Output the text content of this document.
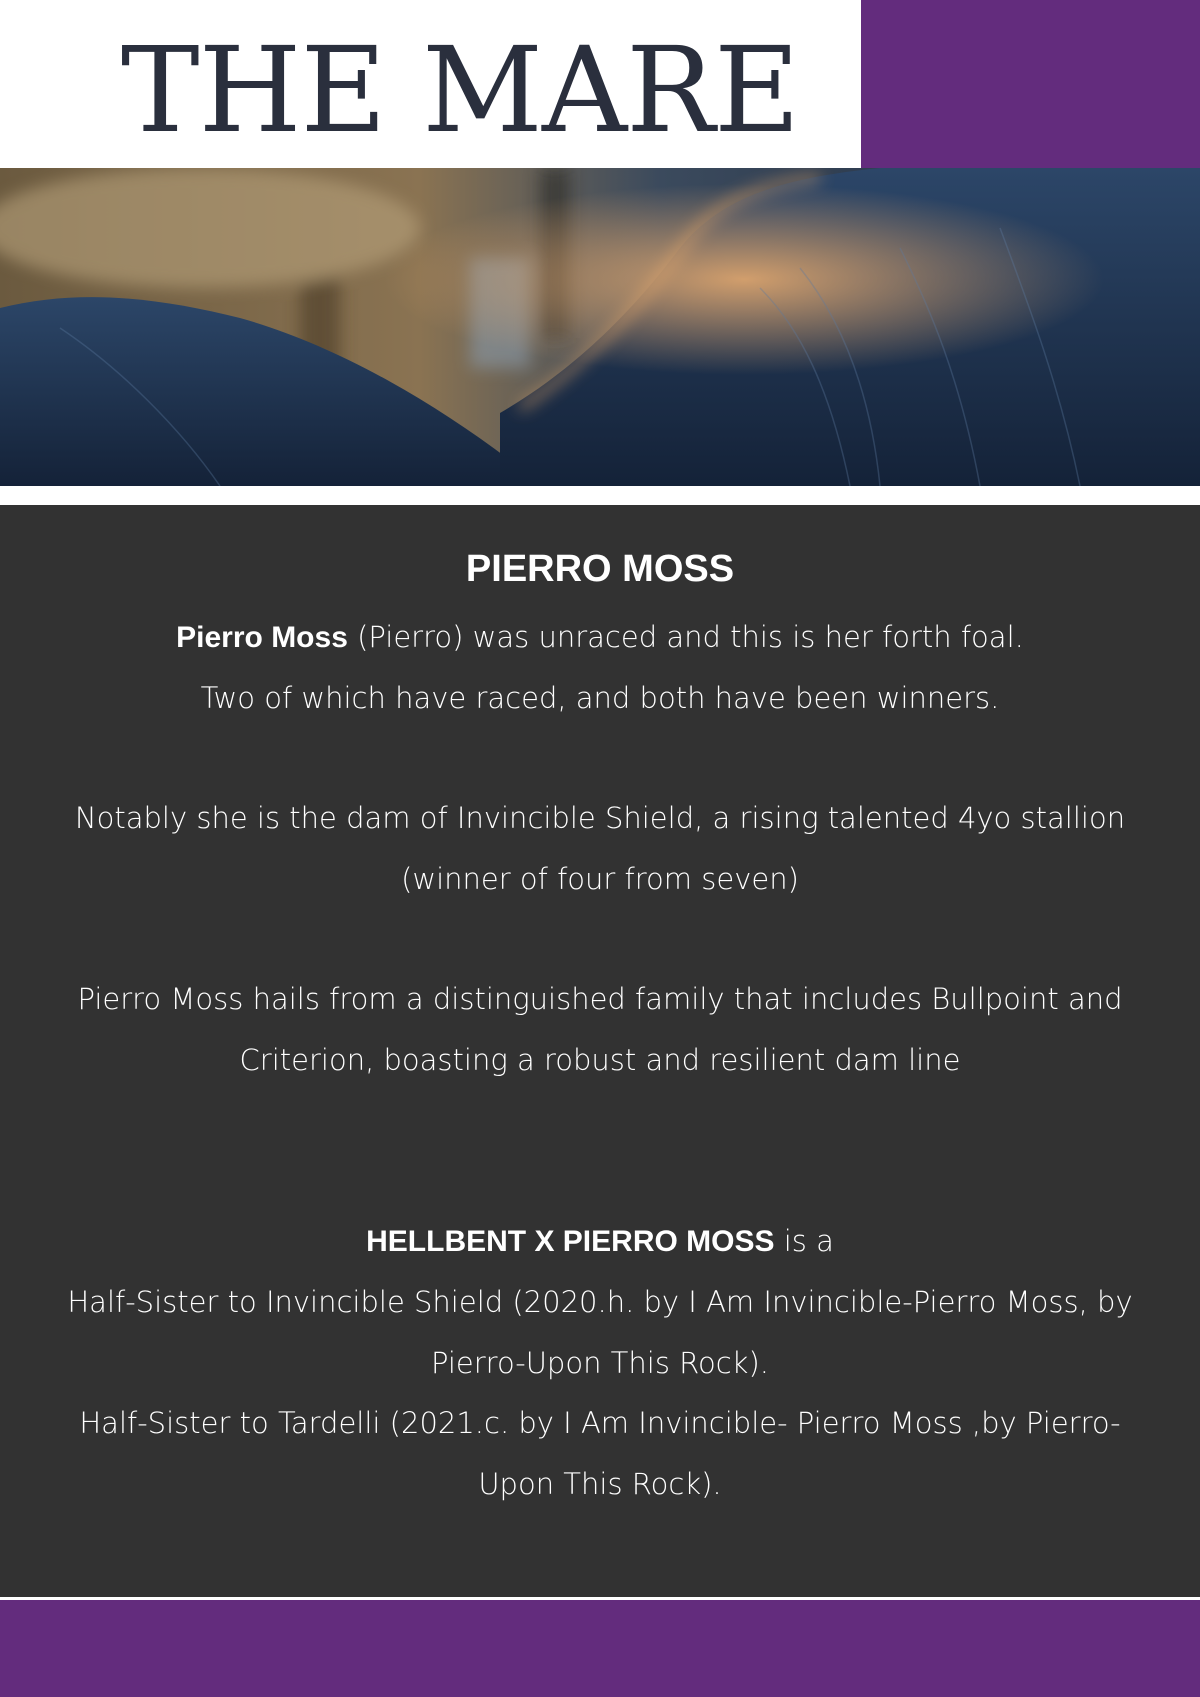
THE MARE
PIERRO MOSS

Pierro Moss (Pierro) was unraced and this is her forth foal.
Two of which have raced, and both have been winners.

Notably she is the dam of Invincible Shield, a rising talented 4yo stallion
(winner of four from seven)

Pierro Moss hails from a distinguished family that includes Bullpoint and
Criterion, boasting a robust and resilient dam line

HELLBENT X PIERRO MOSS is a
Half-Sister to Invincible Shield (2020.h. by I Am Invincible-Pierro Moss, by
Pierro-Upon This Rock).

Half-Sister to Tardelli (2021.c. by I Am Invincible- Pierro Moss ,by Pierro-
Upon This Rock).
